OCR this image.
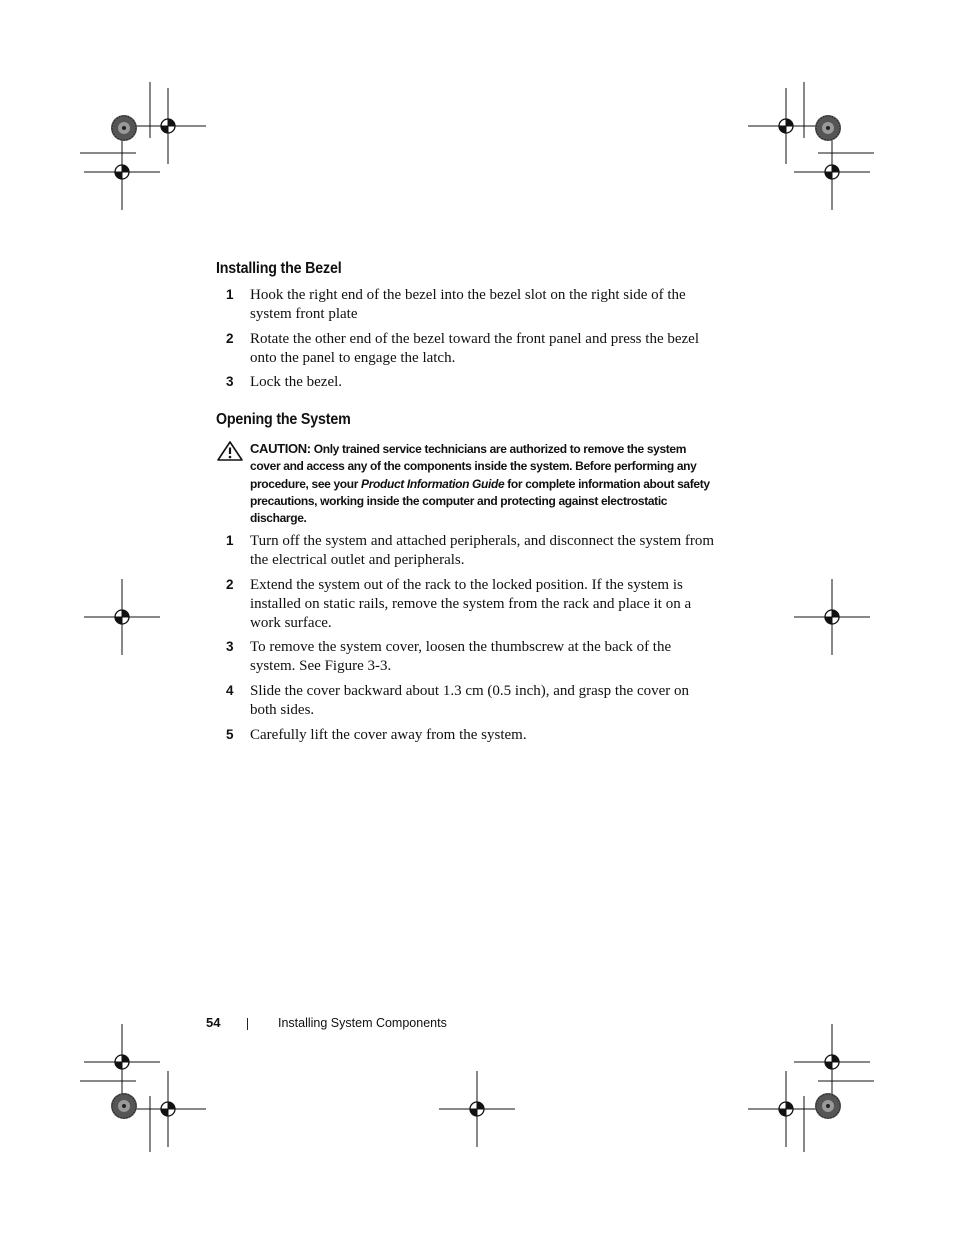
Installing the Bezel
1 Hook the right end of the bezel into the bezel slot on the right side of the system front plate
2 Rotate the other end of the bezel toward the front panel and press the bezel onto the panel to engage the latch.
3 Lock the bezel.
Opening the System
CAUTION: Only trained service technicians are authorized to remove the system cover and access any of the components inside the system. Before performing any procedure, see your Product Information Guide for complete information about safety precautions, working inside the computer and protecting against electrostatic discharge.
1 Turn off the system and attached peripherals, and disconnect the system from the electrical outlet and peripherals.
2 Extend the system out of the rack to the locked position. If the system is installed on static rails, remove the system from the rack and place it on a work surface.
3 To remove the system cover, loosen the thumbscrew at the back of the system. See Figure 3-3.
4 Slide the cover backward about 1.3 cm (0.5 inch), and grasp the cover on both sides.
5 Carefully lift the cover away from the system.
54	Installing System Components
